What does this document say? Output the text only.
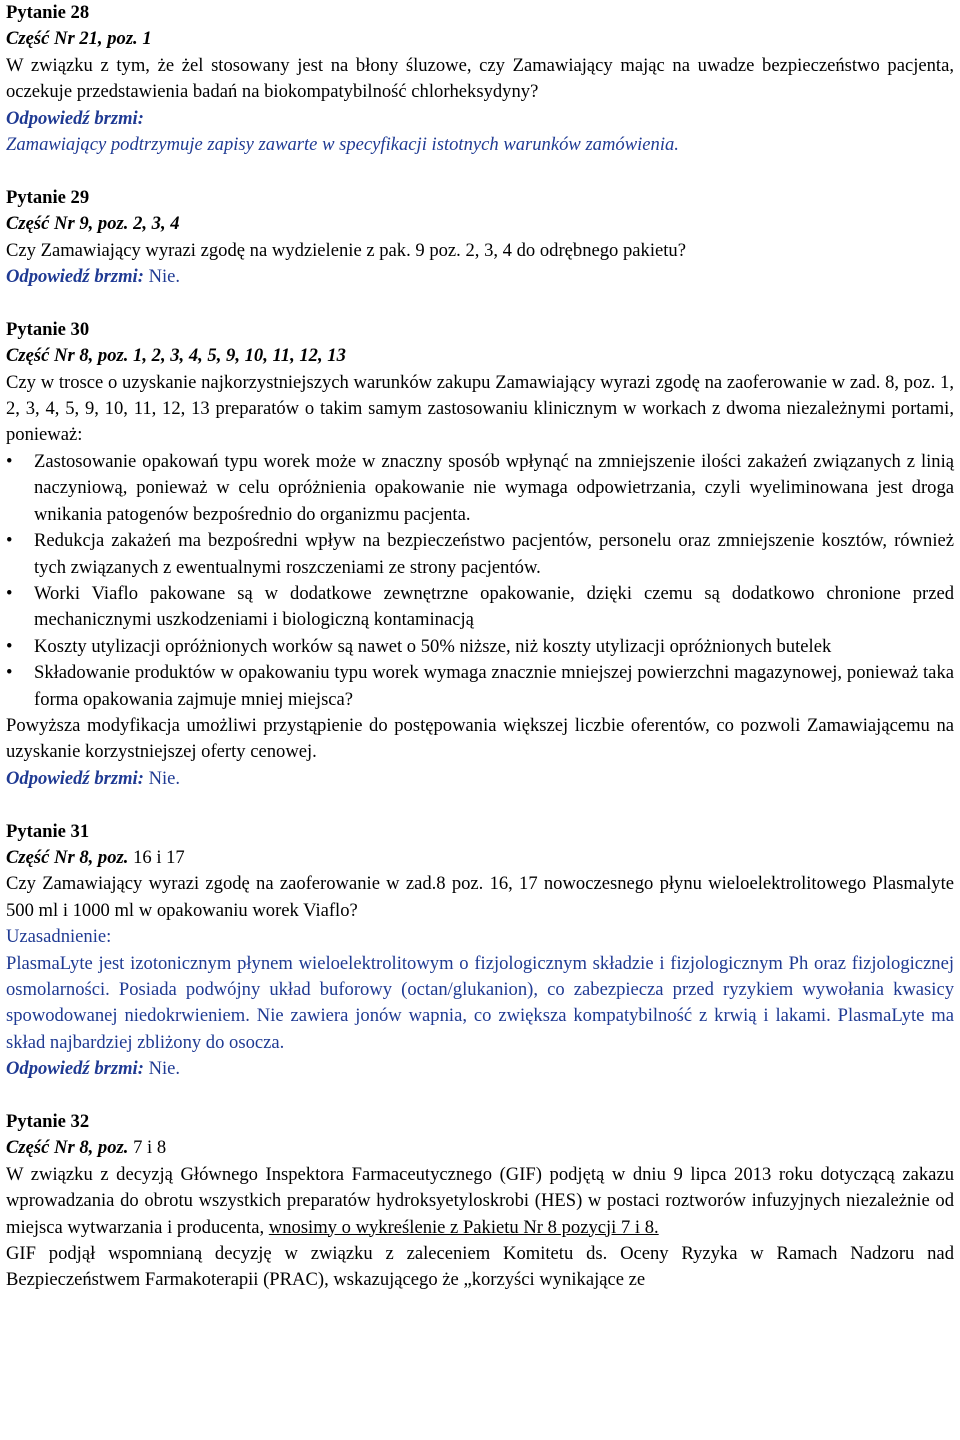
Pytanie 28
Część Nr 21, poz. 1
W związku z tym, że żel stosowany jest na błony śluzowe, czy Zamawiający mając na uwadze bezpieczeństwo pacjenta, oczekuje przedstawienia badań na biokompatybilność chlorheksydyny?
Odpowiedź brzmi:
Zamawiający podtrzymuje zapisy zawarte w specyfikacji istotnych warunków zamówienia.
Pytanie 29
Część Nr 9, poz. 2, 3, 4
Czy Zamawiający wyrazi zgodę na wydzielenie z pak. 9 poz. 2, 3, 4 do odrębnego pakietu?
Odpowiedź brzmi: Nie.
Pytanie 30
Część Nr 8, poz. 1, 2, 3, 4, 5, 9, 10, 11, 12, 13
Czy w trosce o uzyskanie najkorzystniejszych warunków zakupu Zamawiający wyrazi zgodę na zaoferowanie w zad. 8, poz. 1, 2, 3, 4, 5, 9, 10, 11, 12, 13 preparatów o takim samym zastosowaniu klinicznym w workach z dwoma niezależnymi portami, ponieważ:
•	Zastosowanie opakowań typu worek może w znaczny sposób wpłynąć na zmniejszenie ilości zakażeń związanych z linią naczyniową, ponieważ w celu opróżnienia opakowanie nie wymaga odpowietrzania, czyli wyeliminowana jest droga wnikania patogenów bezpośrednio do organizmu pacjenta.
•	Redukcja zakażeń ma bezpośredni wpływ na bezpieczeństwo pacjentów, personelu oraz zmniejszenie kosztów, również tych związanych z ewentualnymi roszczeniami ze strony pacjentów.
•	Worki Viaflo pakowane są w dodatkowe zewnętrzne opakowanie, dzięki czemu są dodatkowo chronione przed mechanicznymi uszkodzeniami i biologiczną kontaminacją
•	Koszty utylizacji opróżnionych worków są nawet o 50% niższe, niż koszty utylizacji opróżnionych butelek
•	Składowanie produktów w opakowaniu typu worek wymaga znacznie mniejszej powierzchni magazynowej, ponieważ taka forma opakowania zajmuje mniej miejsca?
Powyższa modyfikacja umożliwi przystąpienie do postępowania większej liczbie oferentów, co pozwoli Zamawiającemu na uzyskanie korzystniejszej oferty cenowej.
Odpowiedź brzmi: Nie.
Pytanie 31
Część Nr 8, poz. 16 i 17
Czy Zamawiający wyrazi zgodę na zaoferowanie w zad.8 poz. 16, 17 nowoczesnego płynu wieloelektrolitowego Plasmalyte 500 ml i 1000 ml w opakowaniu worek Viaflo?
Uzasadnienie:
PlasmaLyte jest izotonicznym płynem wieloelektrolitowym o fizjologicznym składzie i fizjologicznym Ph oraz fizjologicznej osmolarności. Posiada podwójny układ buforowy (octan/glukanion), co zabezpiecza przed ryzykiem wywołania kwasicy spowodowanej niedokrwieniem. Nie zawiera jonów wapnia, co zwiększa kompatybilność z krwią i lakami. PlasmaLyte ma skład najbardziej zbliżony do osocza.
Odpowiedź brzmi: Nie.
Pytanie 32
Część Nr 8, poz. 7 i 8
W związku z decyzją Głównego Inspektora Farmaceutycznego (GIF) podjętą w dniu 9 lipca 2013 roku dotyczącą zakazu wprowadzania do obrotu wszystkich preparatów hydroksyetyloskrobi (HES) w postaci roztworów infuzyjnych niezależnie od miejsca wytwarzania i producenta, wnosimy o wykreślenie z Pakietu Nr 8 pozycji 7 i 8.
GIF podjął wspomnianą decyzję w związku z zaleceniem Komitetu ds. Oceny Ryzyka w Ramach Nadzoru nad Bezpieczeństwem Farmakoterapii (PRAC), wskazującego że „korzyści wynikające ze
